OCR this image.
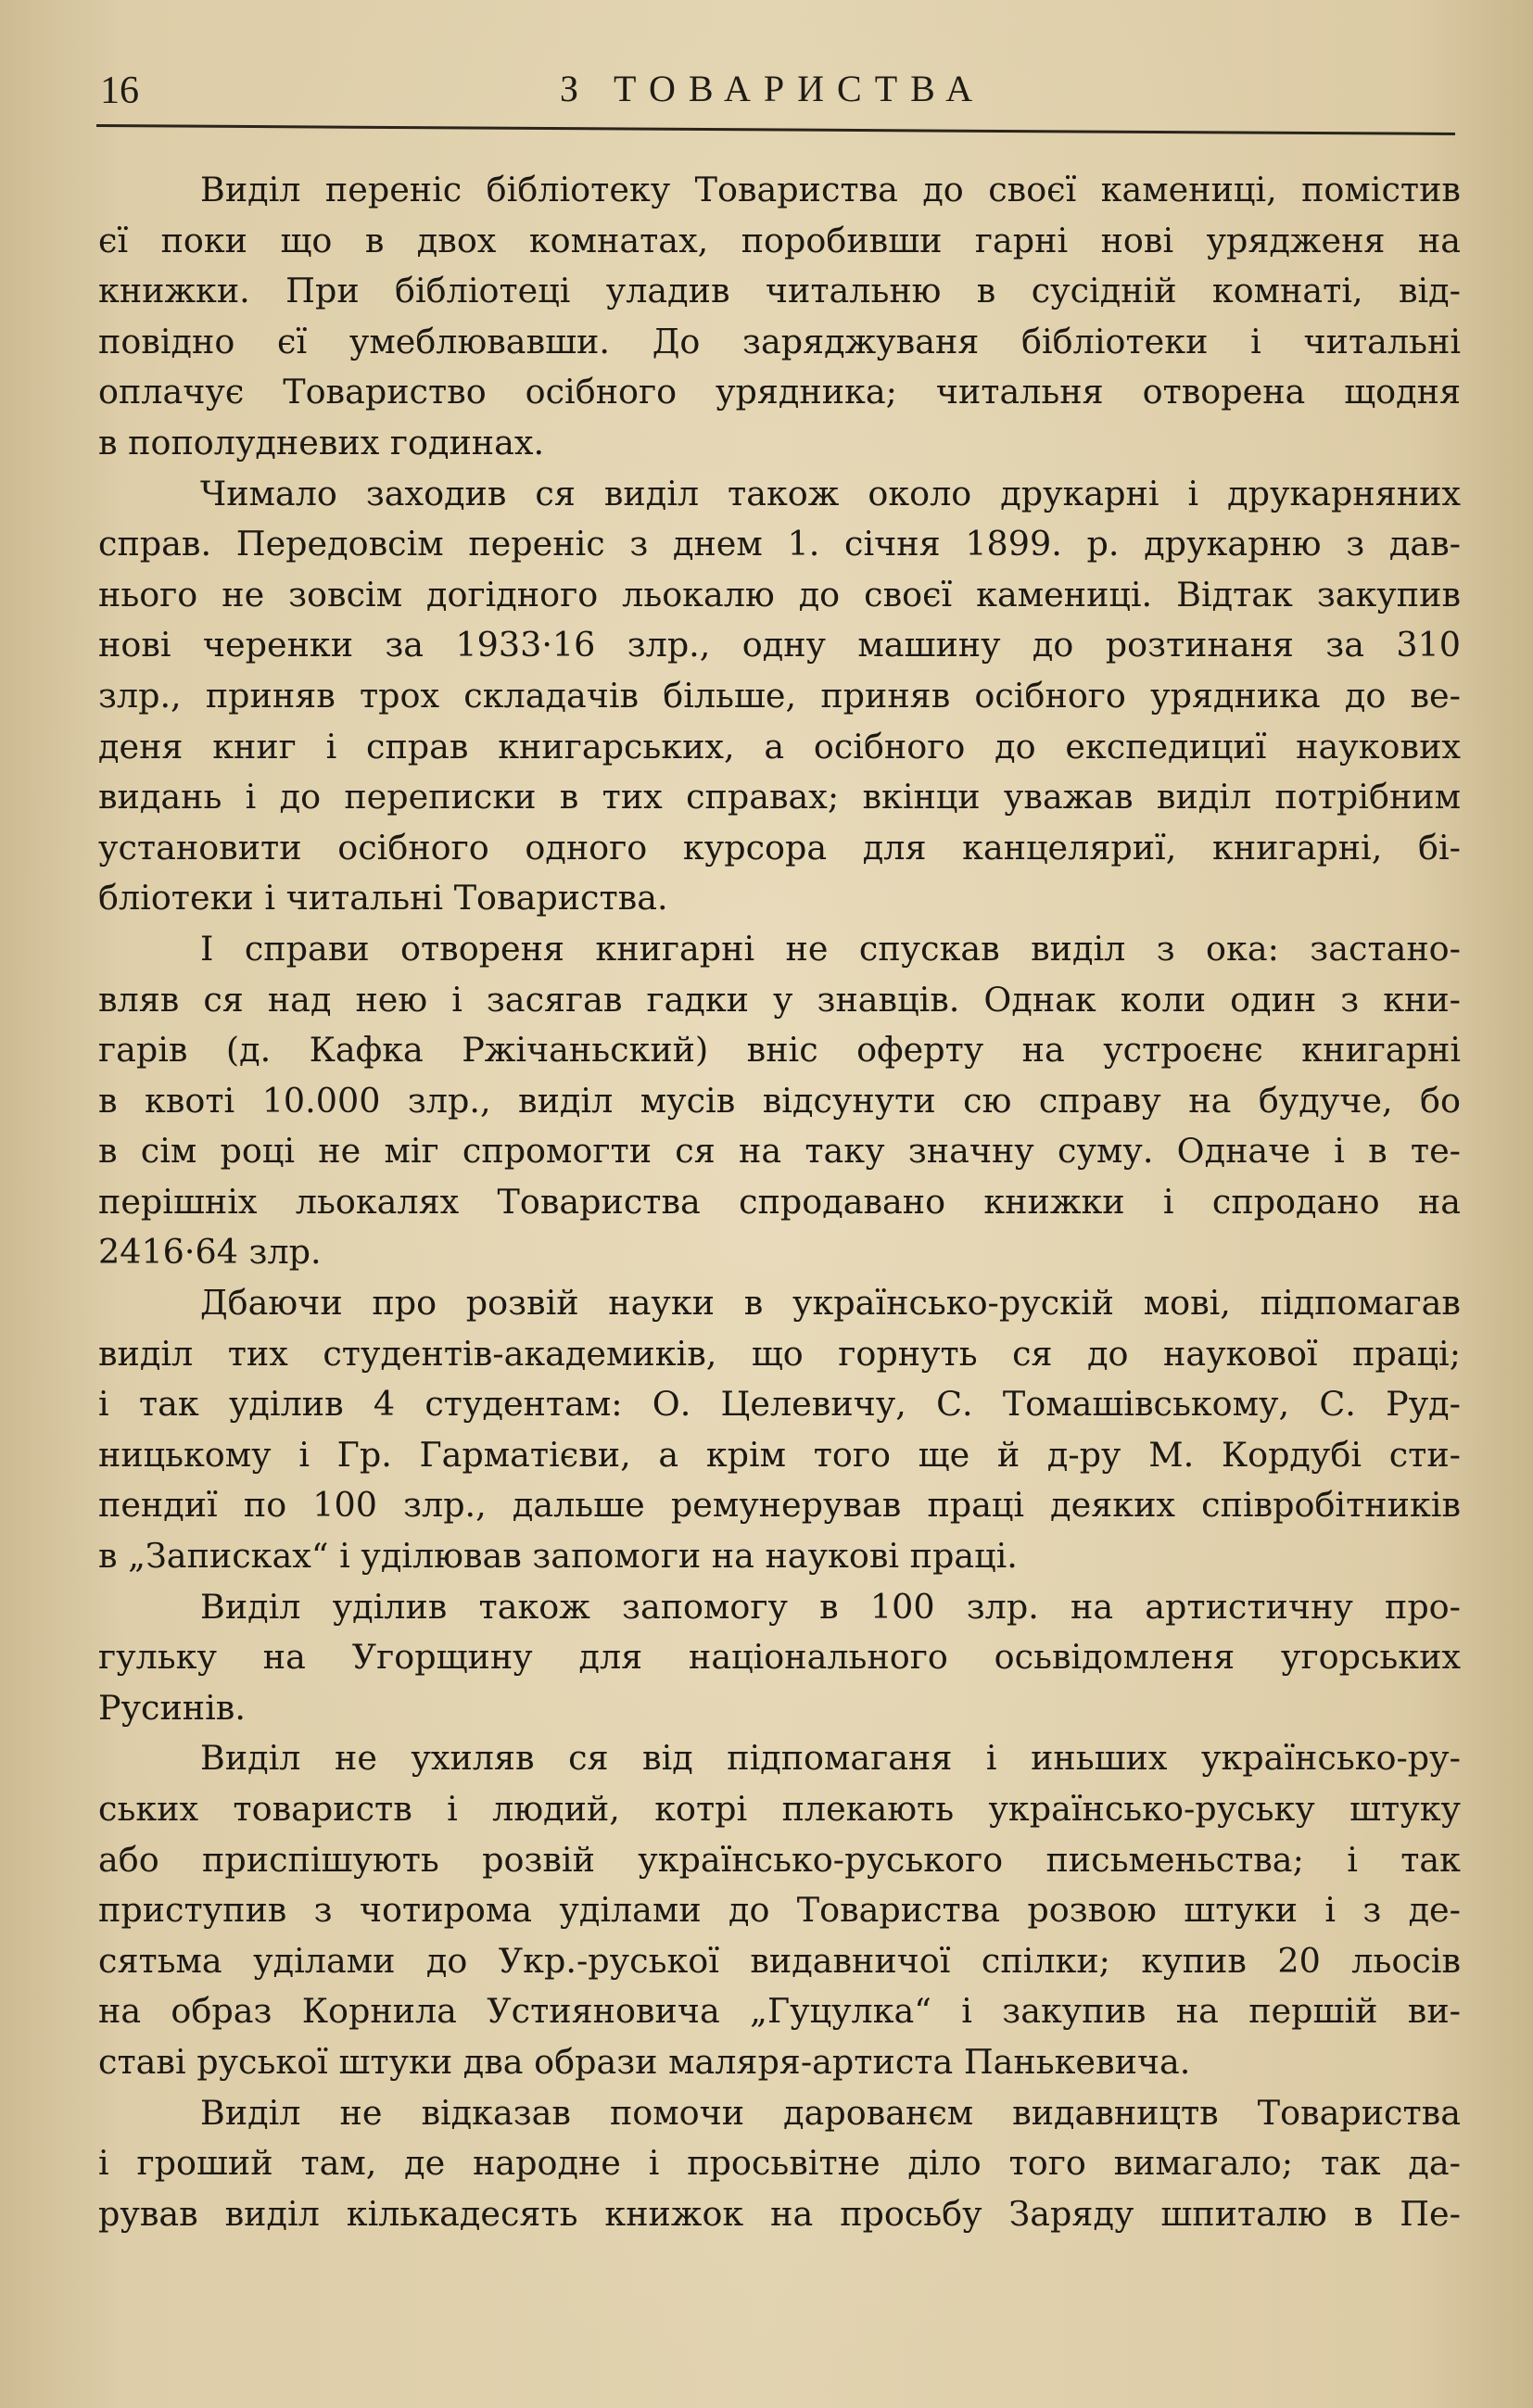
16	З ТОВАРИСТВА
Виділ переніс бібліотеку Товариства до своєї камениці, помістив
єї поки що в двох комнатах, поробивши гарні нові урядженя на
книжки. При бібліотеці уладив читальню в сусідній комнаті, від-
повідно єї умеблювавши. До заряджуваня бібліотеки і читальні
оплачує Товариство осібного урядника; читальня отворена щодня
в пополудневих годинах.
Чимало заходив ся виділ також около друкарні і друкарняних
справ. Передовсім переніс з днем 1. січня 1899. р. друкарню з дав-
нього не зовсім догідного льокалю до своєї камениці. Відтак закупив
нові черенки за 1933·16 злр., одну машину до розтинаня за 310
злр., приняв трох складачів більше, приняв осібного урядника до ве-
деня книг і справ книгарських, а осібного до експедициї наукових
видань і до переписки в тих справах; вкінци уважав виділ потрібним
установити осібного одного курсора для канцеляриї, книгарні, бі-
бліотеки і читальні Товариства.
І справи отвореня книгарні не спускав виділ з ока: застано-
вляв ся над нею і засягав гадки у знавців. Однак коли один з кни-
гарів (д. Кафка Ржічаньский) вніс оферту на устроєнє книгарні
в квоті 10.000 злр., виділ мусів відсунути сю справу на будуче, бо
в сім році не міг спромогти ся на таку значну суму. Одначе і в те-
перішніх льокалях Товариства спродавано книжки і спродано на
2416·64 злр.
Дбаючи про розвій науки в українсько-рускій мові, підпомагав
виділ тих студентів-академиків, що горнуть ся до наукової праці;
і так уділив 4 студентам: О. Целевичу, С. Томашівському, С. Руд-
ницькому і Гр. Гарматієви, а крім того ще й д-ру М. Кордубі сти-
пендиї по 100 злр., дальше ремунерував праці деяких співробітників
в „Записках“ і уділював запомоги на наукові праці.
Виділ уділив також запомогу в 100 злр. на артистичну про-
гульку на Угорщину для національного осьвідомленя угорських
Русинів.
Виділ не ухиляв ся від підпомаганя і иньших українсько-ру-
ських товариств і людий, котрі плекають українсько-руську штуку
або приспішують розвій українсько-руського письменьства; і так
приступив з чотирома уділами до Товариства розвою штуки і з де-
сятьма уділами до Укр.-руської видавничої спілки; купив 20 льосів
на образ Корнила Устияновича „Гуцулка“ і закупив на першій ви-
ставі руської штуки два образи маляря-артиста Панькевича.
Виділ не відказав помочи дарованєм видавництв Товариства
і гроший там, де народне і просьвітне діло того вимагало; так да-
рував виділ кількадесять книжок на просьбу Заряду шпиталю в Пе-
